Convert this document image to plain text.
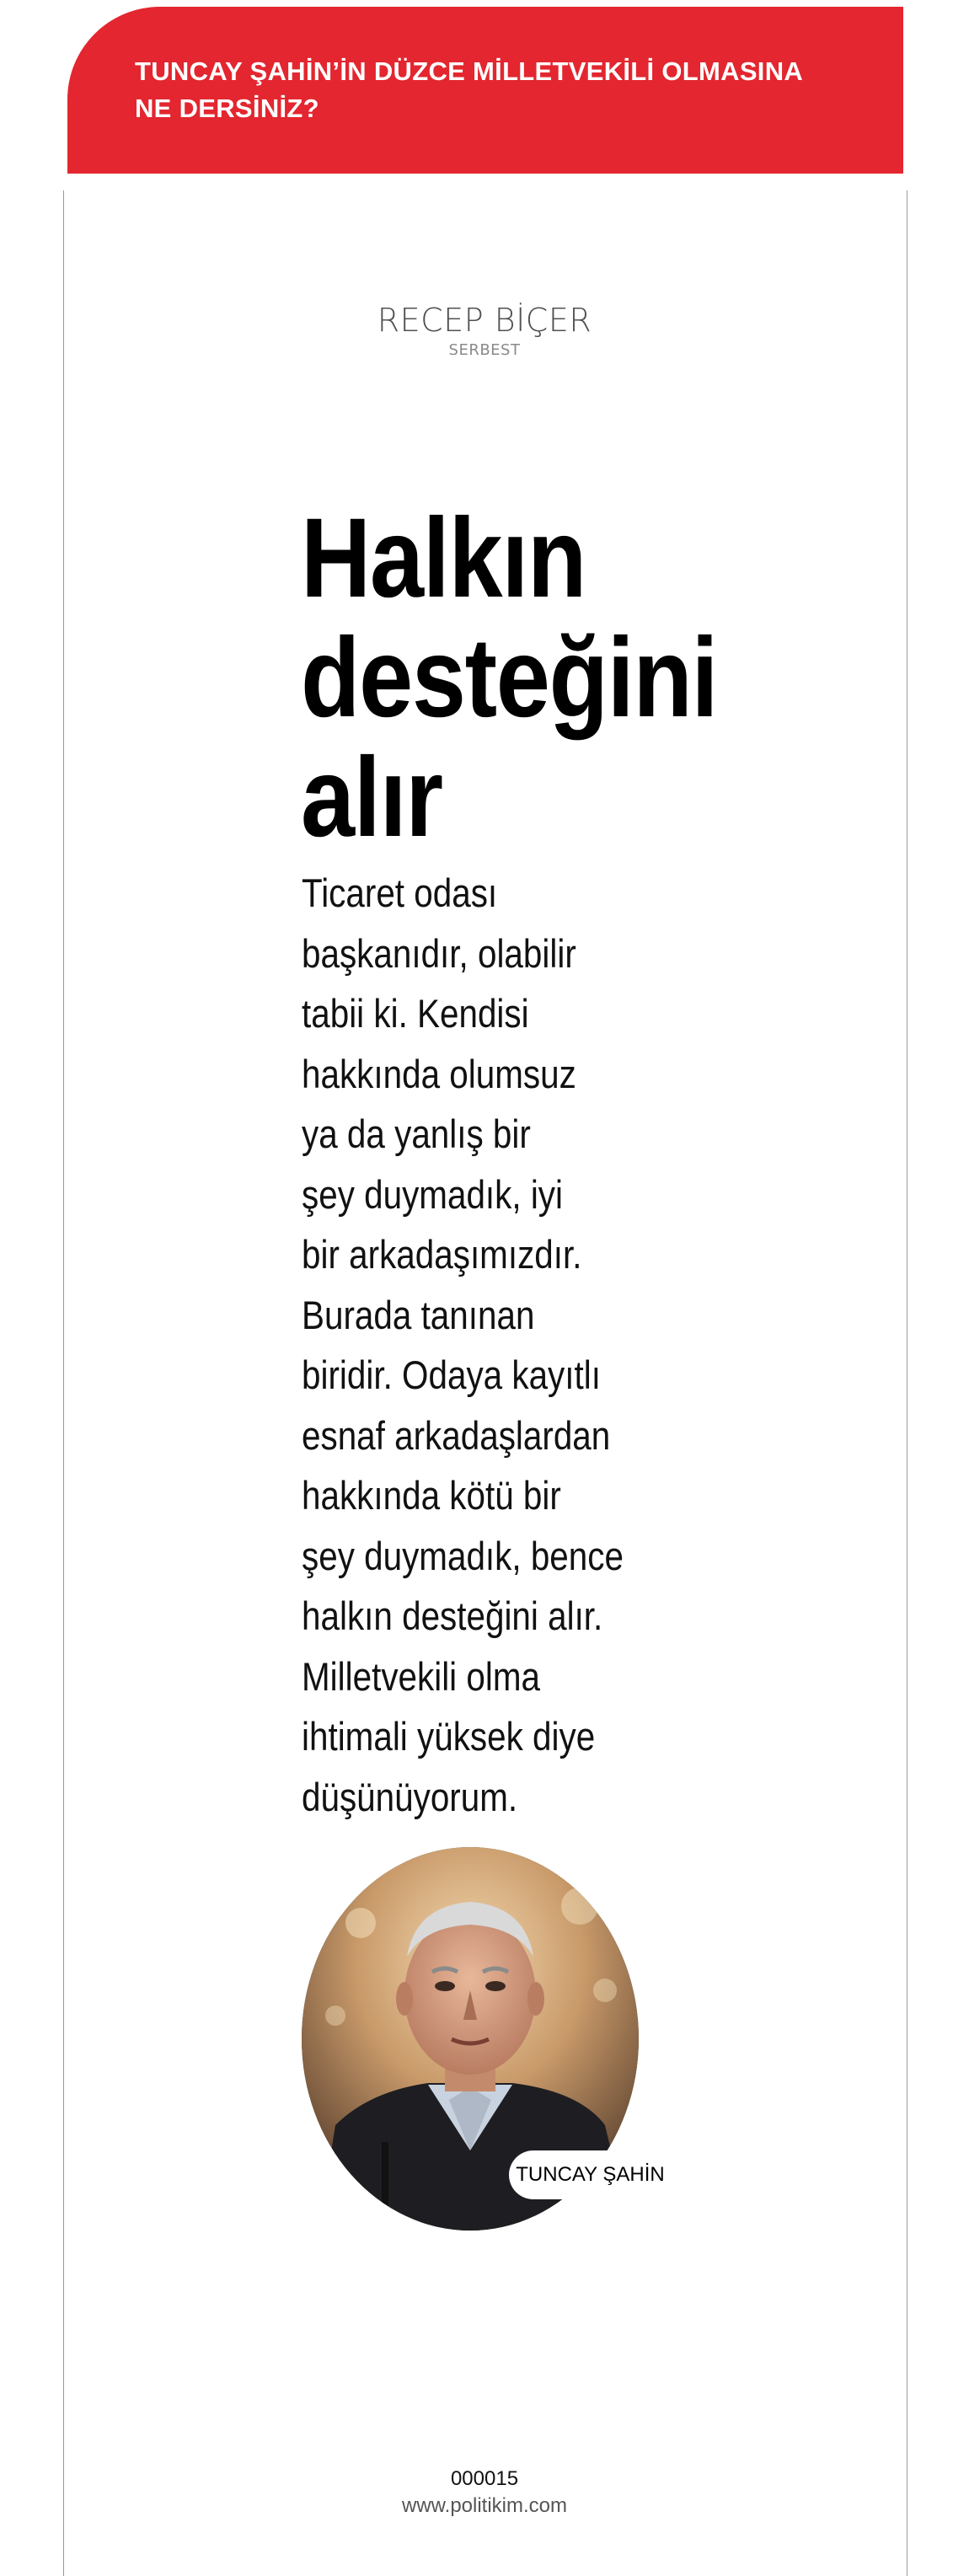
TUNCAY ŞAHİN’İN DÜZCE MİLLETVEKİLİ OLMASINA
NE DERSİNİZ?
RECEP BİÇER
SERBEST
Halkın
desteğini
alır

Ticaret odası
başkanıdır, olabilir
tabii ki. Kendisi
hakkında olumsuz
ya da yanlış bir
şey duymadık, iyi
bir arkadaşımızdır.
Burada tanınan
biridir. Odaya kayıtlı
esnaf arkadaşlardan
hakkında kötü bir
şey duymadık, bence
halkın desteğini alır.
Milletvekili olma
ihtimali yüksek diye
düşünüyorum.

TUNCAY ŞAHİN
000015
www.politikim.com
